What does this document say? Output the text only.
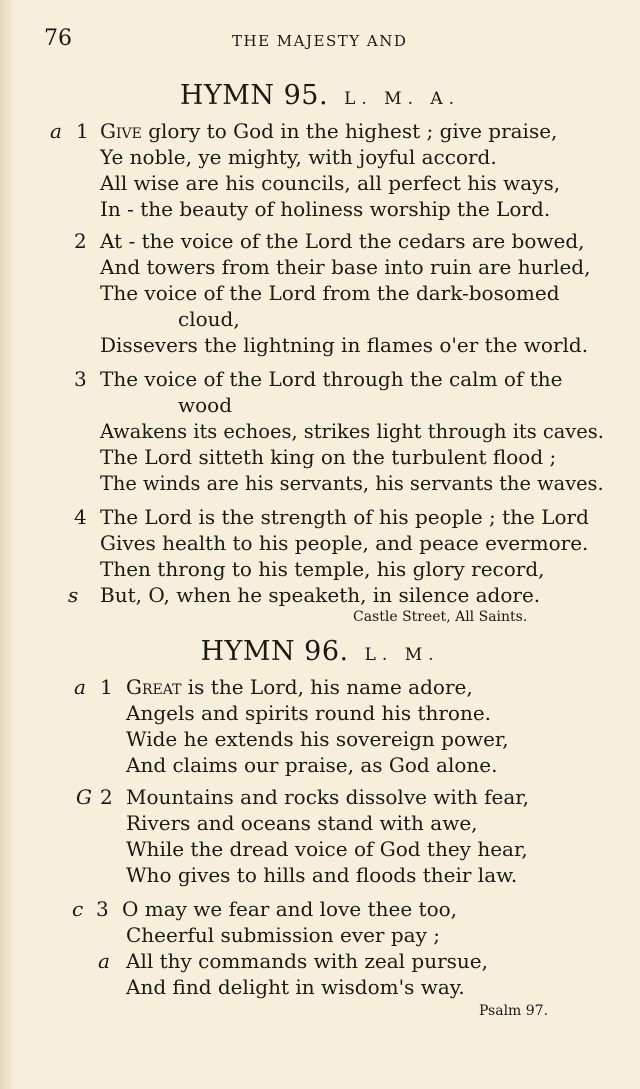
76	THE MAJESTY AND
HYMN 95. L. M. A.
a 1 Give glory to God in the highest ; give praise,
Ye noble, ye mighty, with joyful accord.
All wise are his councils, all perfect his ways,
In - the beauty of holiness worship the Lord.
2 At - the voice of the Lord the cedars are bowed,
And towers from their base into ruin are hurled,
The voice of the Lord from the dark-bosomed
cloud,
Dissevers the lightning in flames o'er the world.
3 The voice of the Lord through the calm of the
wood
Awakens its echoes, strikes light through its caves.
The Lord sitteth king on the turbulent flood ;
The winds are his servants, his servants the waves.
4 The Lord is the strength of his people ; the Lord
Gives health to his people, and peace evermore.
Then throng to his temple, his glory record,
s But, O, when he speaketh, in silence adore.
Castle Street, All Saints.
HYMN 96. L. M.
a 1 Great is the Lord, his name adore,
Angels and spirits round his throne.
Wide he extends his sovereign power,
And claims our praise, as God alone.
G 2 Mountains and rocks dissolve with fear,
Rivers and oceans stand with awe,
While the dread voice of God they hear,
Who gives to hills and floods their law.
c 3 O may we fear and love thee too,
Cheerful submission ever pay ;
a All thy commands with zeal pursue,
And find delight in wisdom's way.
Psalm 97.
